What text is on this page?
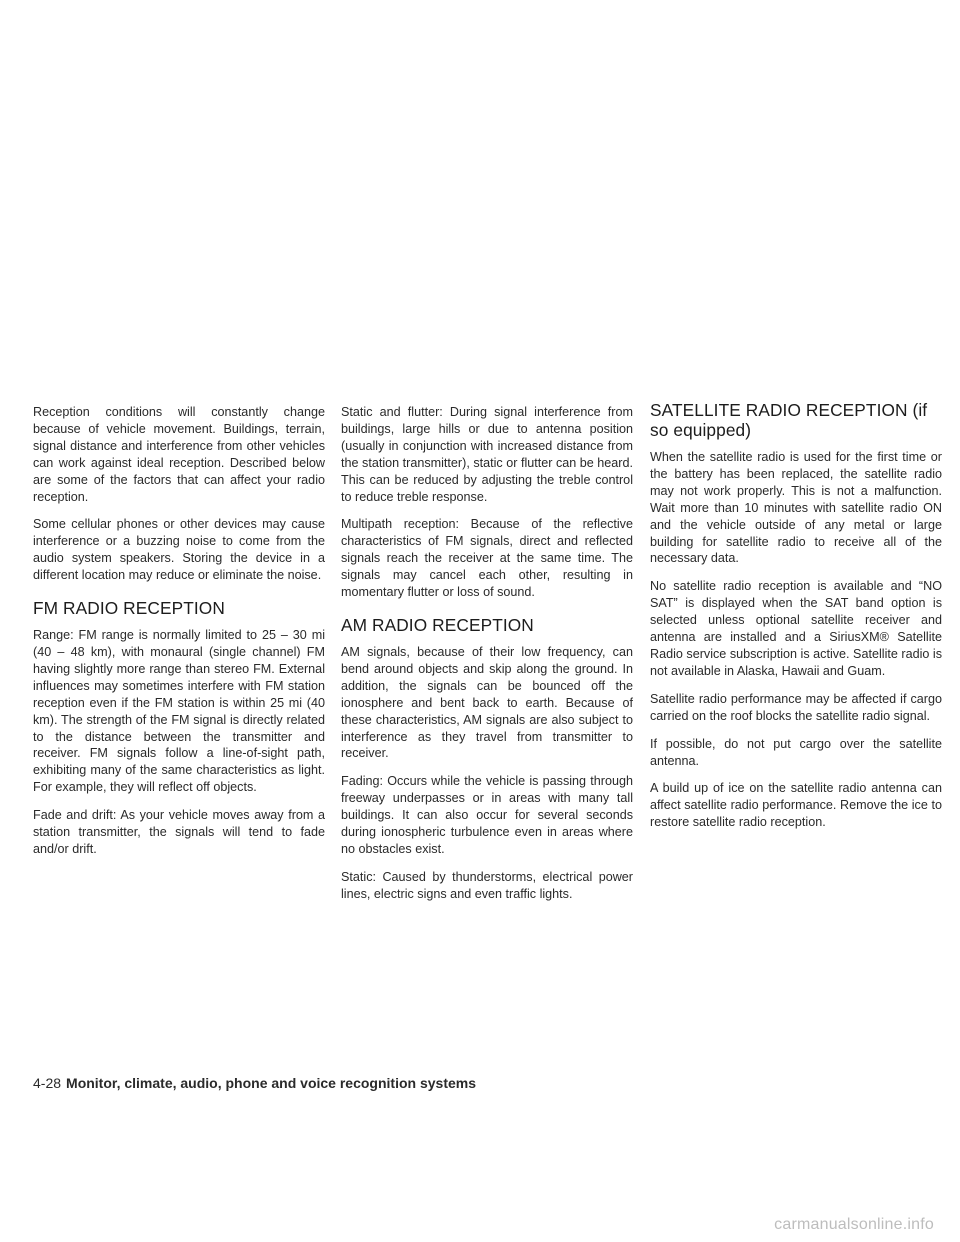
Reception conditions will constantly change because of vehicle movement. Buildings, terrain, signal distance and interference from other vehicles can work against ideal reception. Described below are some of the factors that can affect your radio reception.

Some cellular phones or other devices may cause interference or a buzzing noise to come from the audio system speakers. Storing the device in a different location may reduce or eliminate the noise.

FM RADIO RECEPTION

Range: FM range is normally limited to 25 – 30 mi (40 – 48 km), with monaural (single channel) FM having slightly more range than stereo FM. External influences may sometimes interfere with FM station reception even if the FM station is within 25 mi (40 km). The strength of the FM signal is directly related to the distance between the transmitter and receiver. FM signals follow a line-of-sight path, exhibiting many of the same characteristics as light. For example, they will reflect off objects.

Fade and drift: As your vehicle moves away from a station transmitter, the signals will tend to fade and/or drift.

Static and flutter: During signal interference from buildings, large hills or due to antenna position (usually in conjunction with increased distance from the station transmitter), static or flutter can be heard. This can be reduced by adjusting the treble control to reduce treble response.

Multipath reception: Because of the reflective characteristics of FM signals, direct and reflected signals reach the receiver at the same time. The signals may cancel each other, resulting in momentary flutter or loss of sound.

AM RADIO RECEPTION

AM signals, because of their low frequency, can bend around objects and skip along the ground. In addition, the signals can be bounced off the ionosphere and bent back to earth. Because of these characteristics, AM signals are also subject to interference as they travel from transmitter to receiver.

Fading: Occurs while the vehicle is passing through freeway underpasses or in areas with many tall buildings. It can also occur for several seconds during ionospheric turbulence even in areas where no obstacles exist.

Static: Caused by thunderstorms, electrical power lines, electric signs and even traffic lights.

SATELLITE RADIO RECEPTION (if so equipped)

When the satellite radio is used for the first time or the battery has been replaced, the satellite radio may not work properly. This is not a malfunction. Wait more than 10 minutes with satellite radio ON and the vehicle outside of any metal or large building for satellite radio to receive all of the necessary data.

No satellite radio reception is available and “NO SAT” is displayed when the SAT band option is selected unless optional satellite receiver and antenna are installed and a SiriusXM® Satellite Radio service subscription is active. Satellite radio is not available in Alaska, Hawaii and Guam.

Satellite radio performance may be affected if cargo carried on the roof blocks the satellite radio signal.

If possible, do not put cargo over the satellite antenna.

A build up of ice on the satellite radio antenna can affect satellite radio performance. Remove the ice to restore satellite radio reception.

4-28 Monitor, climate, audio, phone and voice recognition systems
carmanualsonline.info
